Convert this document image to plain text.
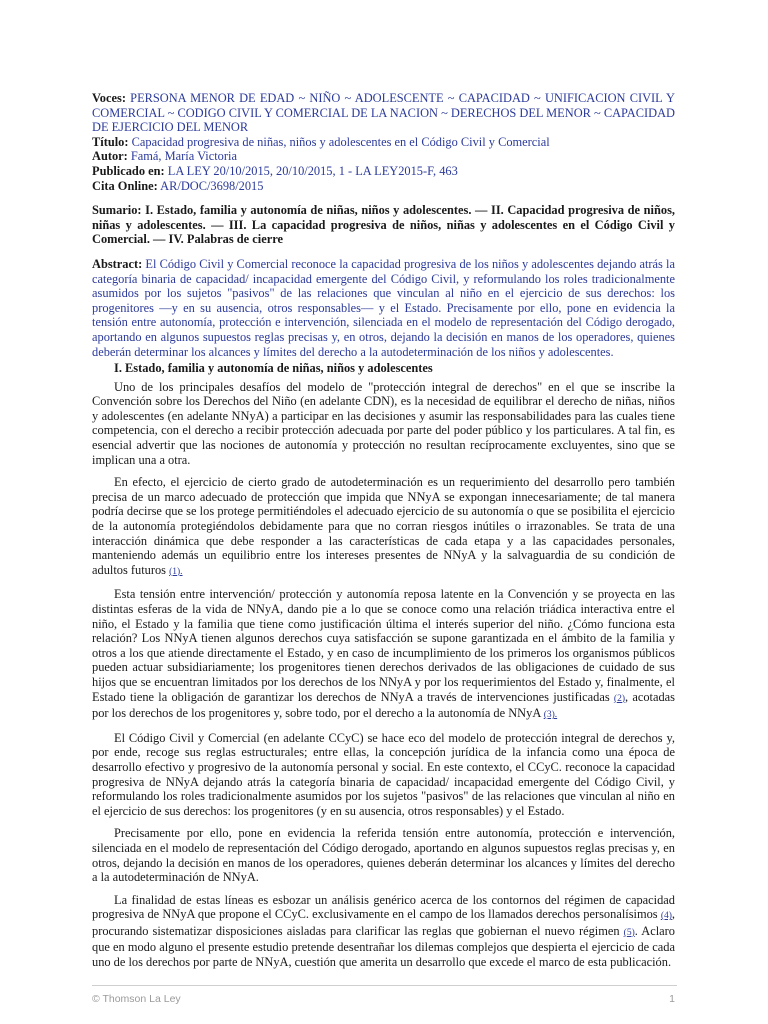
Voces: PERSONA MENOR DE EDAD ~ NIÑO ~ ADOLESCENTE ~ CAPACIDAD ~ UNIFICACION CIVIL Y COMERCIAL ~ CODIGO CIVIL Y COMERCIAL DE LA NACION ~ DERECHOS DEL MENOR ~ CAPACIDAD DE EJERCICIO DEL MENOR

Título: Capacidad progresiva de niñas, niños y adolescentes en el Código Civil y Comercial

Autor: Famá, María Victoria

Publicado en: LA LEY 20/10/2015, 20/10/2015, 1 - LA LEY2015-F, 463

Cita Online: AR/DOC/3698/2015

Sumario: I. Estado, familia y autonomía de niñas, niños y adolescentes. — II. Capacidad progresiva de niños, niñas y adolescentes. — III. La capacidad progresiva de niños, niñas y adolescentes en el Código Civil y Comercial. — IV. Palabras de cierre

Abstract: El Código Civil y Comercial reconoce la capacidad progresiva de los niños y adolescentes dejando atrás la categoría binaria de capacidad/ incapacidad emergente del Código Civil, y reformulando los roles tradicionalmente asumidos por los sujetos "pasivos" de las relaciones que vinculan al niño en el ejercicio de sus derechos: los progenitores —y en su ausencia, otros responsables— y el Estado. Precisamente por ello, pone en evidencia la tensión entre autonomía, protección e intervención, silenciada en el modelo de representación del Código derogado, aportando en algunos supuestos reglas precisas y, en otros, dejando la decisión en manos de los operadores, quienes deberán determinar los alcances y límites del derecho a la autodeterminación de los niños y adolescentes.

I. Estado, familia y autonomía de niñas, niños y adolescentes

Uno de los principales desafíos del modelo de "protección integral de derechos" en el que se inscribe la Convención sobre los Derechos del Niño (en adelante CDN), es la necesidad de equilibrar el derecho de niñas, niños y adolescentes (en adelante NNyA) a participar en las decisiones y asumir las responsabilidades para las cuales tiene competencia, con el derecho a recibir protección adecuada por parte del poder público y los particulares. A tal fin, es esencial advertir que las nociones de autonomía y protección no resultan recíprocamente excluyentes, sino que se implican una a otra.

En efecto, el ejercicio de cierto grado de autodeterminación es un requerimiento del desarrollo pero también precisa de un marco adecuado de protección que impida que NNyA se expongan innecesariamente; de tal manera podría decirse que se los protege permitiéndoles el adecuado ejercicio de su autonomía o que se posibilita el ejercicio de la autonomía protegiéndolos debidamente para que no corran riesgos inútiles o irrazonables. Se trata de una interacción dinámica que debe responder a las características de cada etapa y a las capacidades personales, manteniendo además un equilibrio entre los intereses presentes de NNyA y la salvaguardia de su condición de adultos futuros (1).

Esta tensión entre intervención/ protección y autonomía reposa latente en la Convención y se proyecta en las distintas esferas de la vida de NNyA, dando pie a lo que se conoce como una relación triádica interactiva entre el niño, el Estado y la familia que tiene como justificación última el interés superior del niño. ¿Cómo funciona esta relación? Los NNyA tienen algunos derechos cuya satisfacción se supone garantizada en el ámbito de la familia y otros a los que atiende directamente el Estado, y en caso de incumplimiento de los primeros los organismos públicos pueden actuar subsidiariamente; los progenitores tienen derechos derivados de las obligaciones de cuidado de sus hijos que se encuentran limitados por los derechos de los NNyA y por los requerimientos del Estado y, finalmente, el Estado tiene la obligación de garantizar los derechos de NNyA a través de intervenciones justificadas (2), acotadas por los derechos de los progenitores y, sobre todo, por el derecho a la autonomía de NNyA (3).

El Código Civil y Comercial (en adelante CCyC) se hace eco del modelo de protección integral de derechos y, por ende, recoge sus reglas estructurales; entre ellas, la concepción jurídica de la infancia como una época de desarrollo efectivo y progresivo de la autonomía personal y social. En este contexto, el CCyC. reconoce la capacidad progresiva de NNyA dejando atrás la categoría binaria de capacidad/ incapacidad emergente del Código Civil, y reformulando los roles tradicionalmente asumidos por los sujetos "pasivos" de las relaciones que vinculan al niño en el ejercicio de sus derechos: los progenitores (y en su ausencia, otros responsables) y el Estado.

Precisamente por ello, pone en evidencia la referida tensión entre autonomía, protección e intervención, silenciada en el modelo de representación del Código derogado, aportando en algunos supuestos reglas precisas y, en otros, dejando la decisión en manos de los operadores, quienes deberán determinar los alcances y límites del derecho a la autodeterminación de NNyA.

La finalidad de estas líneas es esbozar un análisis genérico acerca de los contornos del régimen de capacidad progresiva de NNyA que propone el CCyC. exclusivamente en el campo de los llamados derechos personalísimos (4), procurando sistematizar disposiciones aisladas para clarificar las reglas que gobiernan el nuevo régimen (5). Aclaro que en modo alguno el presente estudio pretende desentrañar los dilemas complejos que despierta el ejercicio de cada uno de los derechos por parte de NNyA, cuestión que amerita un desarrollo que excede el marco de esta publicación.

© Thomson La Ley	1
